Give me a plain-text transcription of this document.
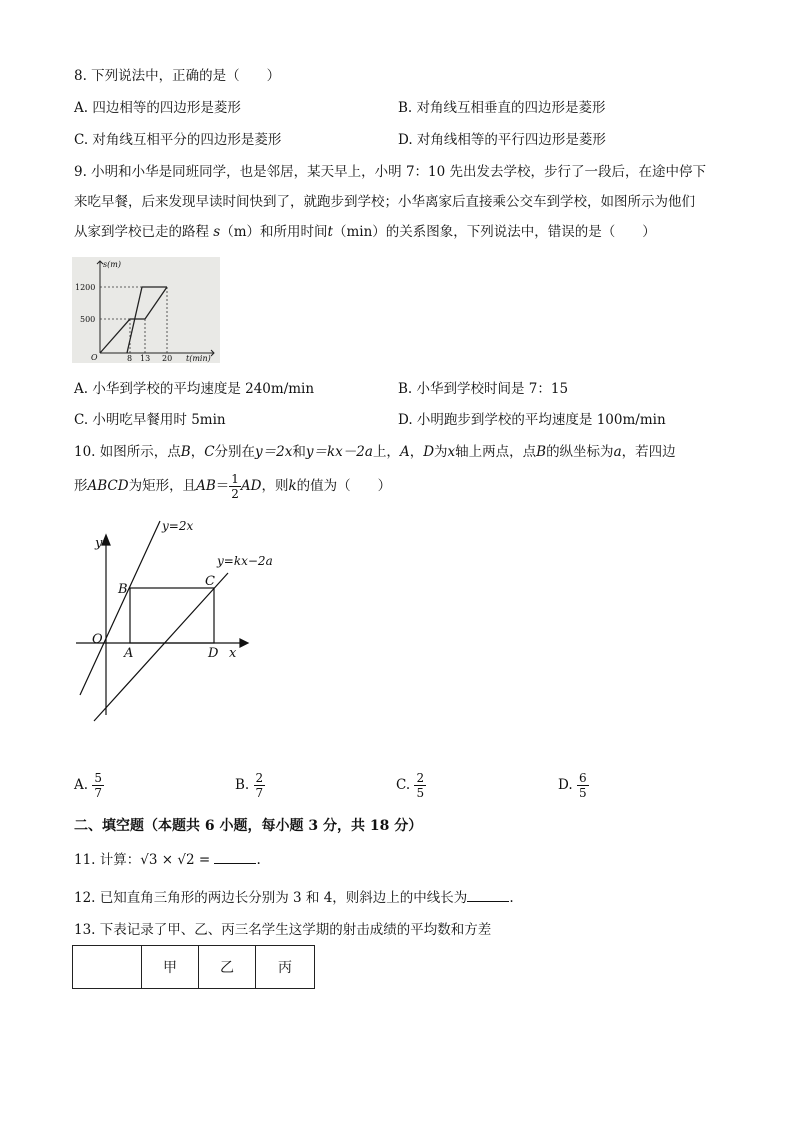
8. 下列说法中，正确的是（　　）
A. 四边相等的四边形是菱形	B. 对角线互相垂直的四边形是菱形
C. 对角线互相平分的四边形是菱形	D. 对角线相等的平行四边形是菱形
9. 小明和小华是同班同学，也是邻居，某天早上，小明 7：10 先出发去学校，步行了一段后，在途中停下
来吃早餐，后来发现早读时间快到了，就跑步到学校；小华离家后直接乘公交车到学校，如图所示为他们
从家到学校已走的路程 s（m）和所用时间t（min）的关系图象，下列说法中，错误的是（　　）
s(m)
t(min)
O
1200
500
8 13 20
A. 小华到学校的平均速度是 240m/min	B. 小华到学校时间是 7：15
C. 小明吃早餐用时 5min	D. 小明跑步到学校的平均速度是 100m/min
10. 如图所示，点B，C分别在y＝2x和y＝kx－2a上，A，D为x轴上两点，点B的纵坐标为a，若四边
形ABCD为矩形，且$AB= \frac{1}{2}$ AD，则k的值为（　　）
y
x
O
A
B
C
D
y=2x
y=kx−2a
A. $\frac{5}{7}$	B. $\frac{2}{7}$	C. $\frac{2}{5}$	D. $\frac{6}{5}$
二、填空题（本题共 6 小题，每小题 3 分，共 18 分）
11. 计算：√3 × √2 =	.
12. 已知直角三角形的两边长分别为 3 和 4，则斜边上的中线长为	.
13. 下表记录了甲、乙、丙三名学生这学期的射击成绩的平均数和方差
	甲	乙	丙
